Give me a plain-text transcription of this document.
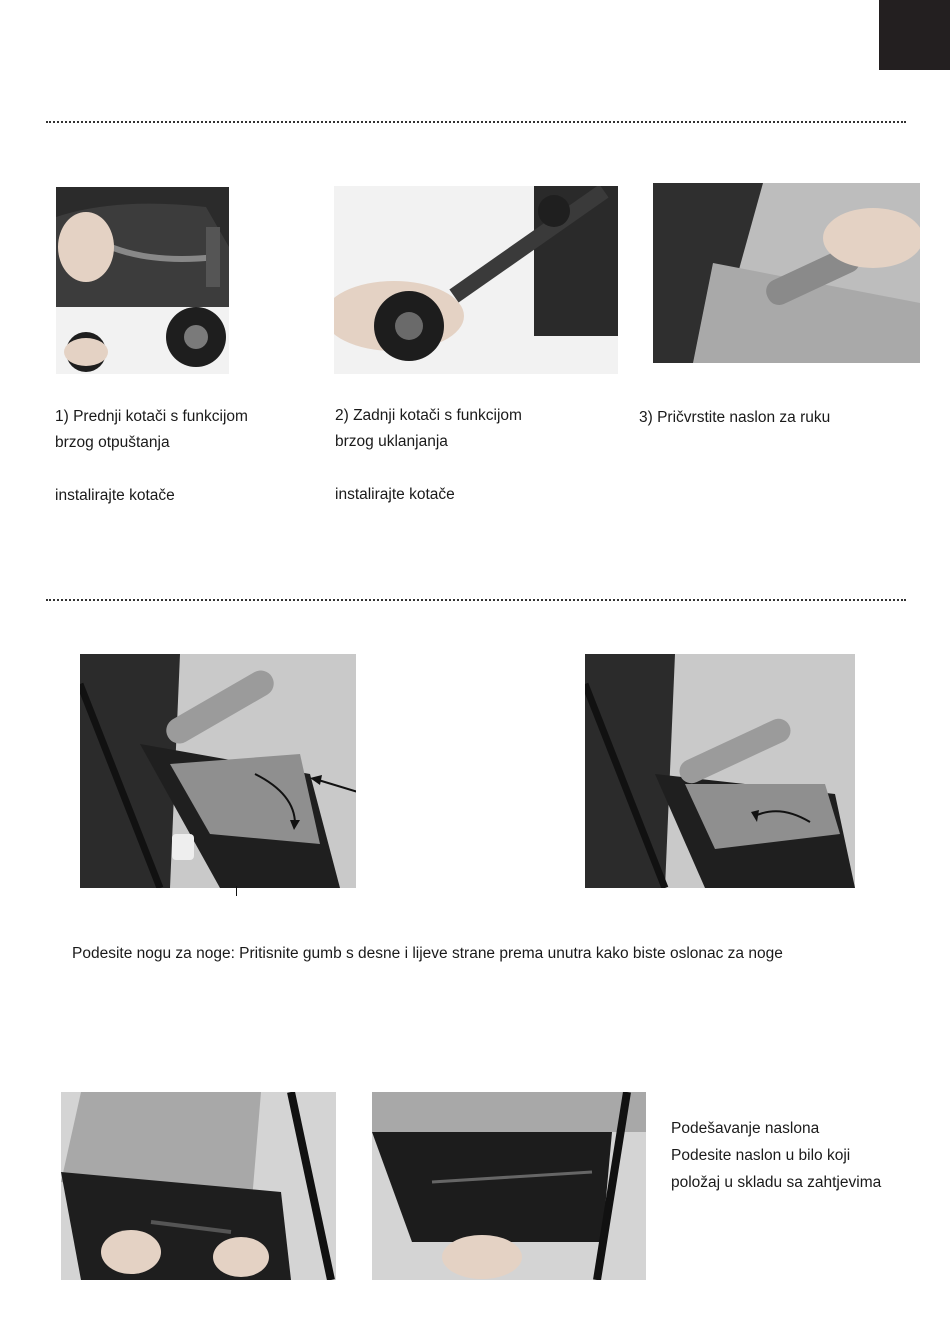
1) Prednji kotači s funkcijom

brzog otpuštanja

instalirajte kotače

2) Zadnji kotači s funkcijom

brzog uklanjanja

instalirajte kotače

3) Pričvrstite naslon za ruku

Podesite nogu za noge: Pritisnite gumb s desne i lijeve strane prema unutra kako biste oslonac za noge

Podešavanje naslona

Podesite naslon u bilo koji

položaj u skladu sa zahtjevima
